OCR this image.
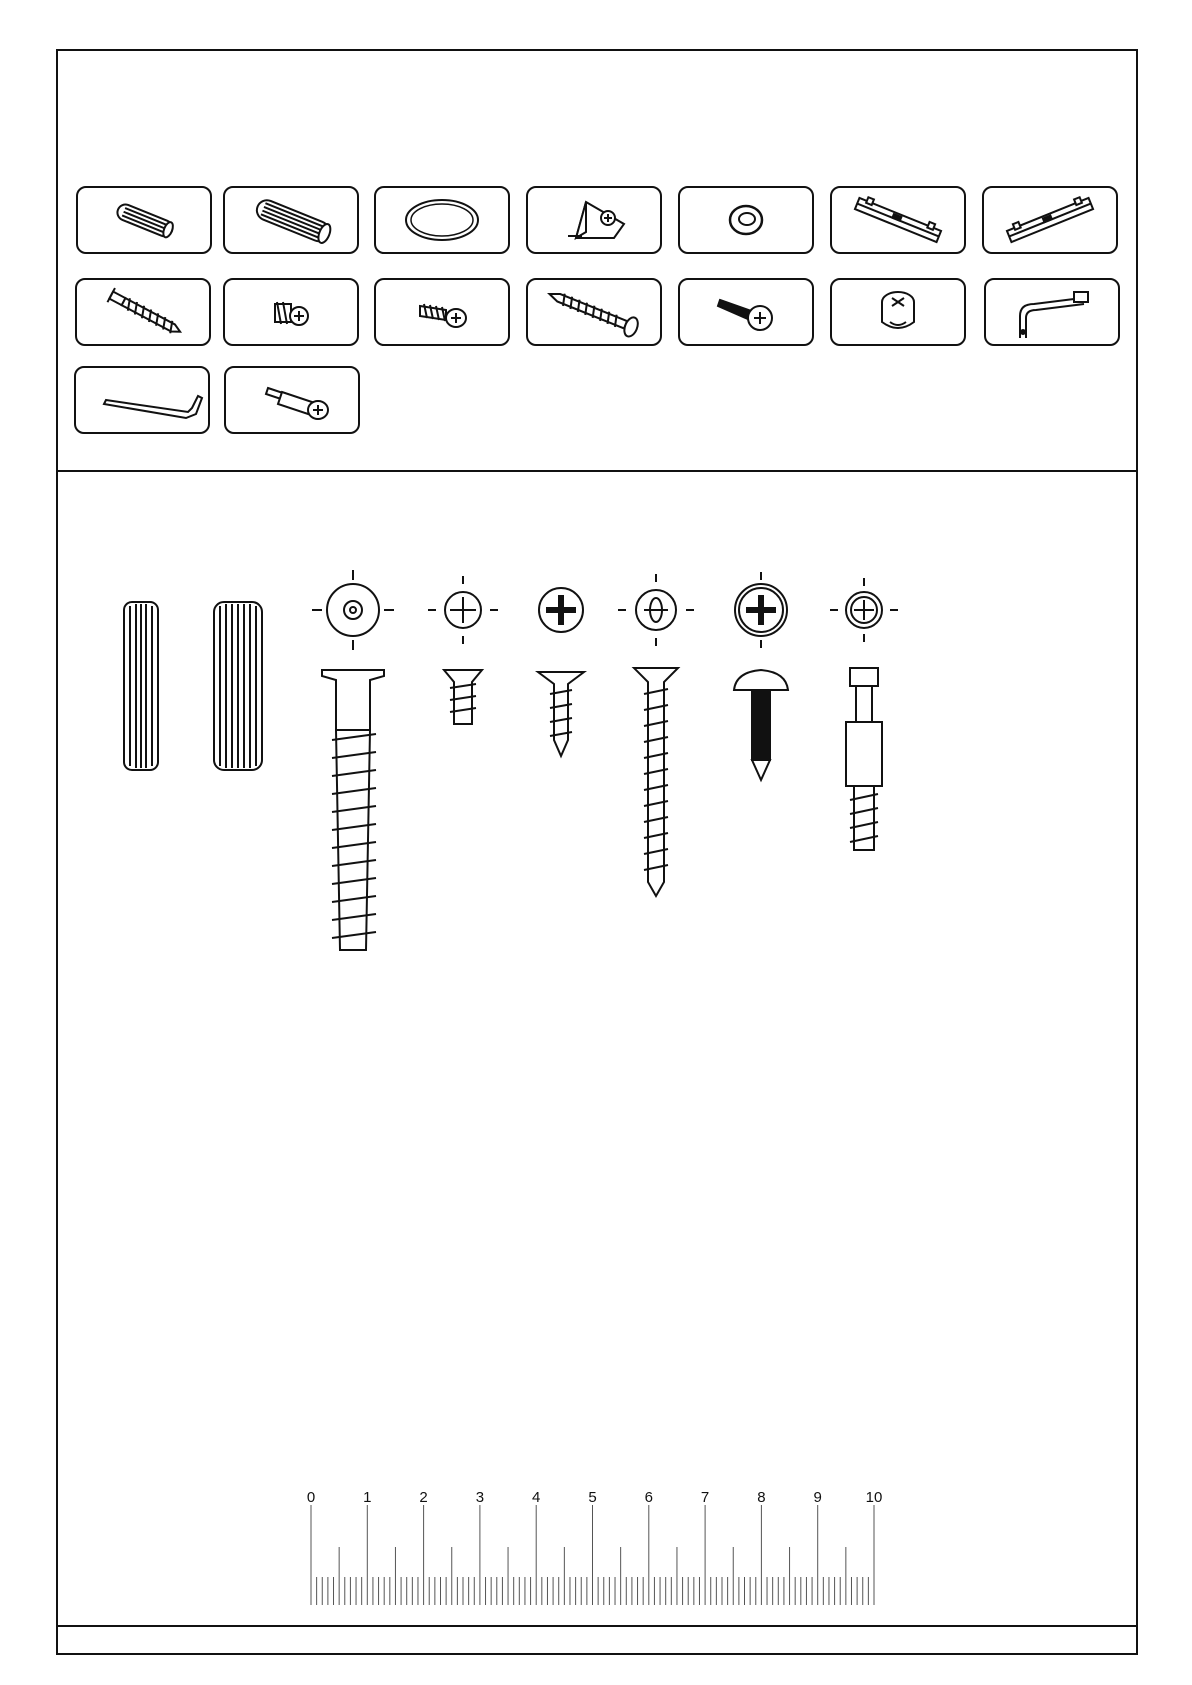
0	1	2	3	4	5	6	7	8	9	10
